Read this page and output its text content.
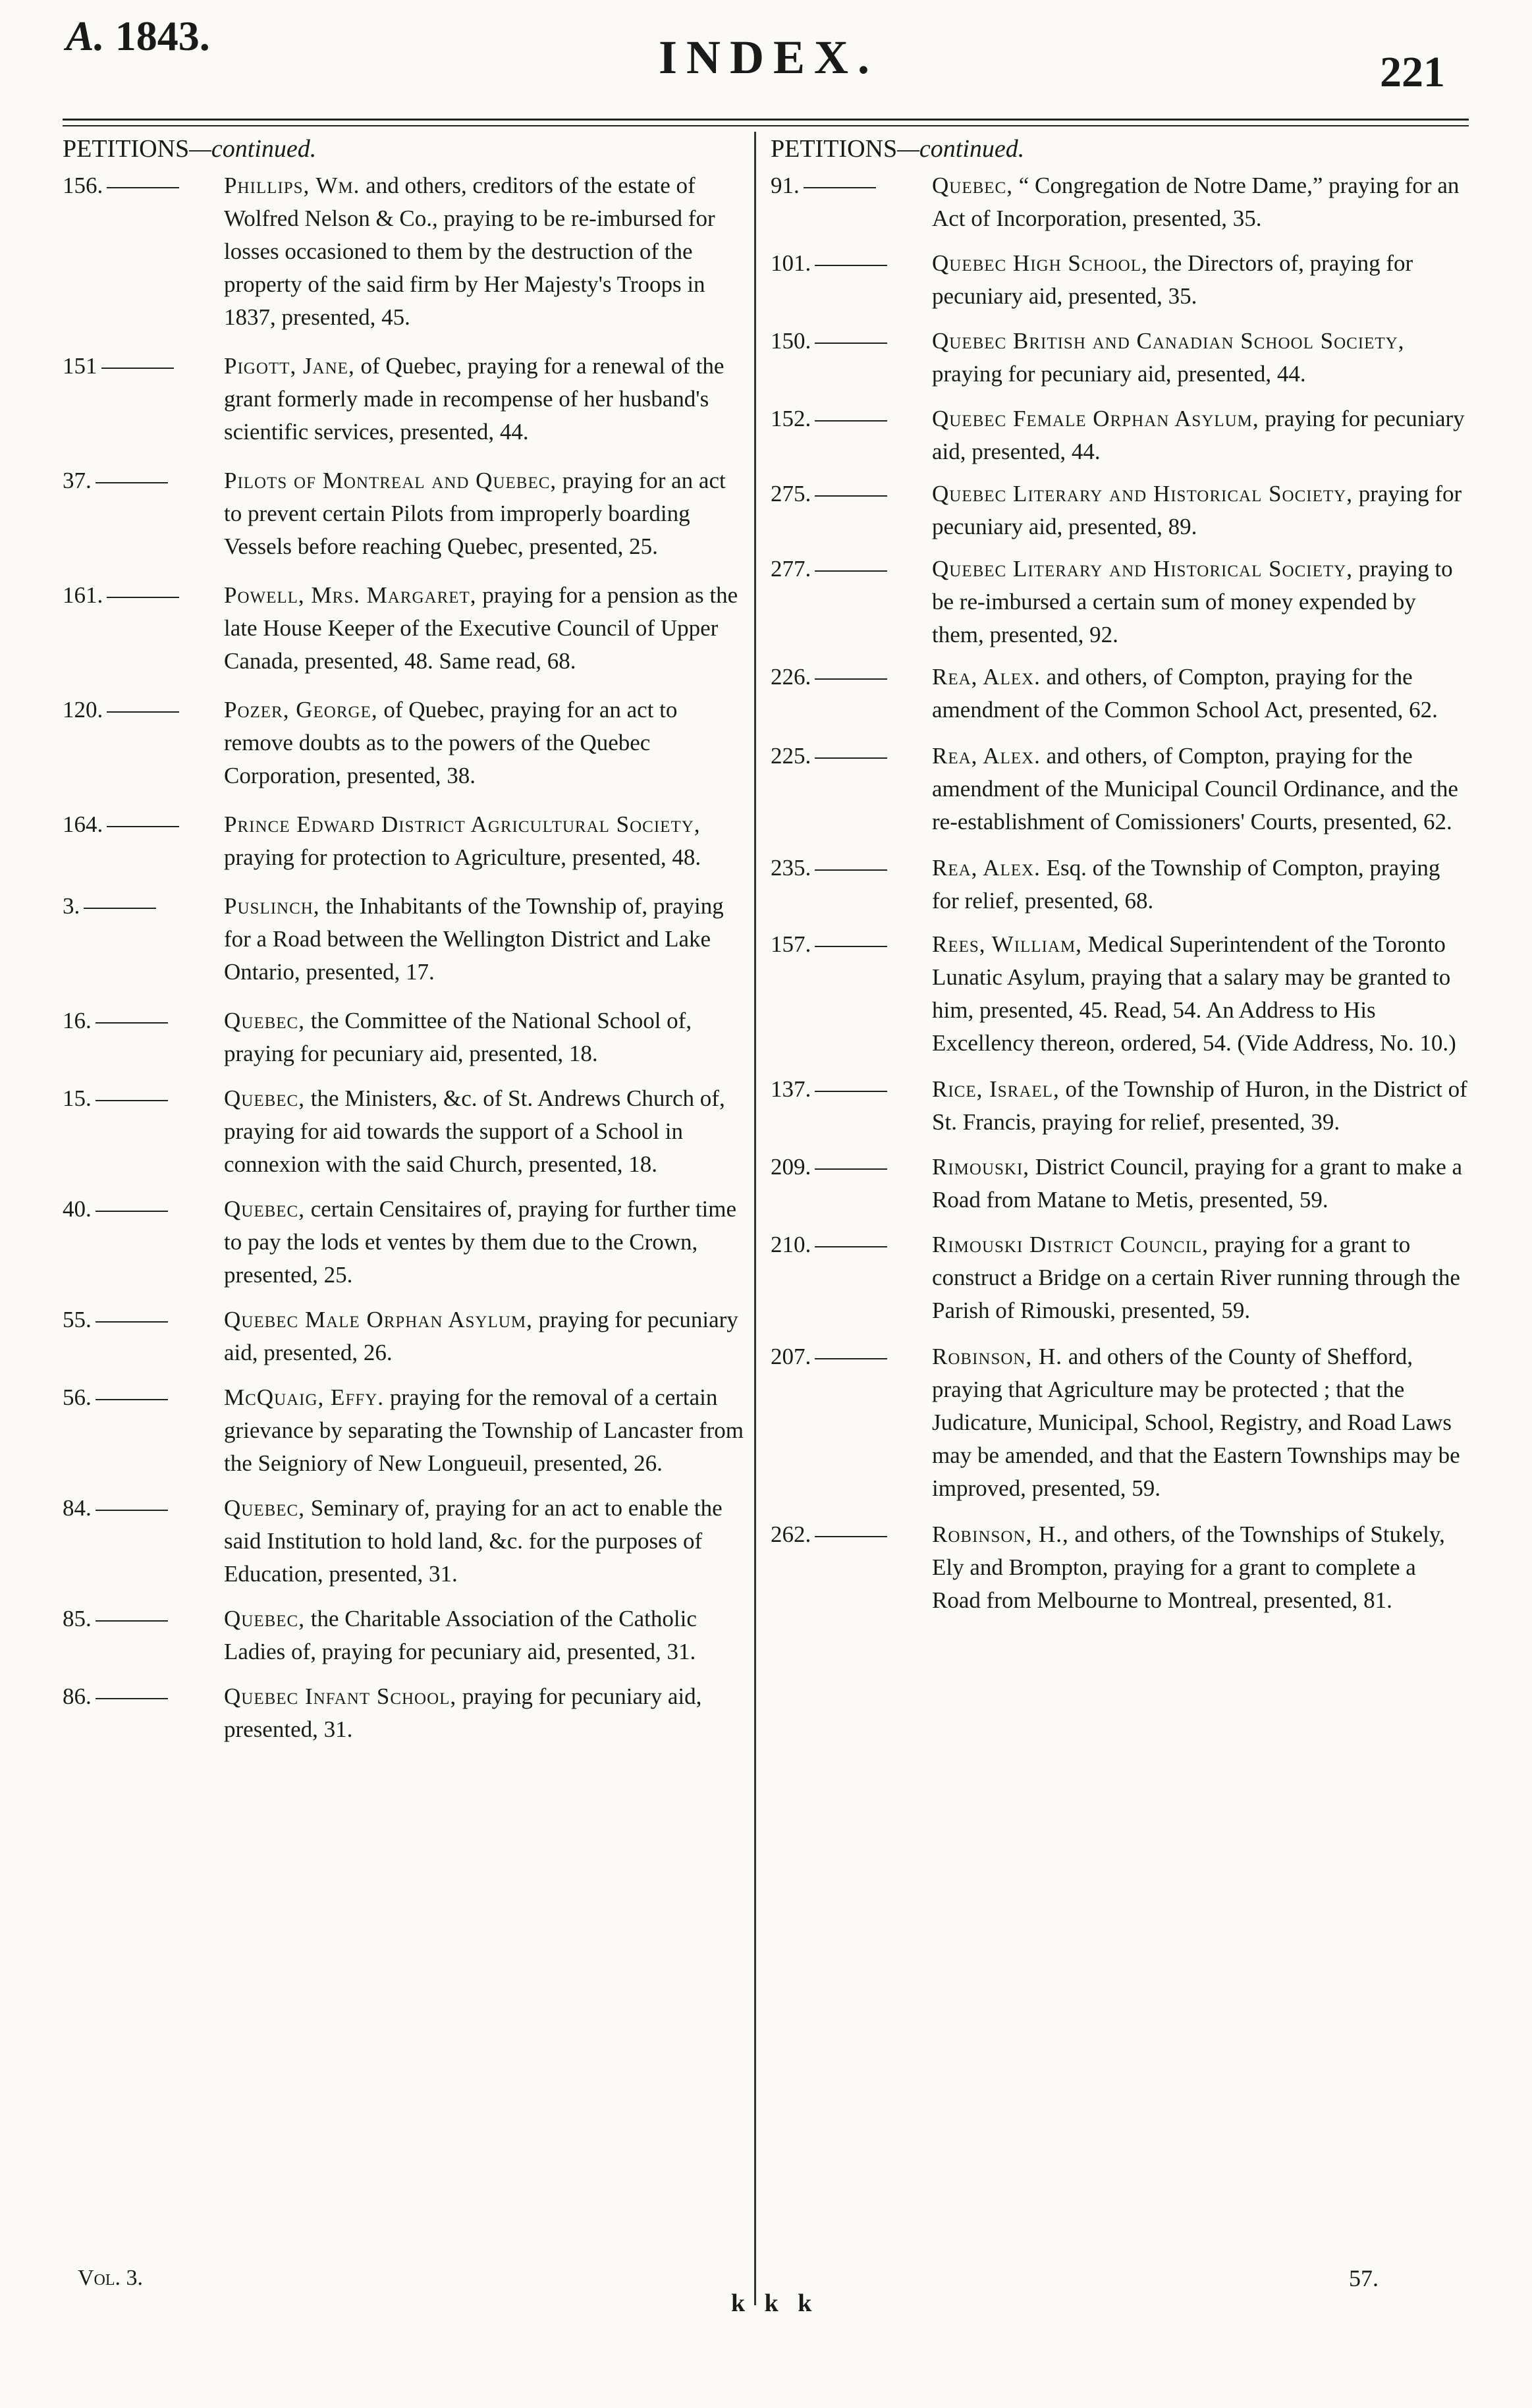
A. 1843.	INDEX.	221
PETITIONS—continued.
156.	Phillips, Wm. and others, creditors of the estate of Wolfred Nelson & Co., praying to be re-imbursed for losses occasioned to them by the destruction of the property of the said firm by Her Majesty's Troops in 1837, presented, 45.
151	Pigott, Jane, of Quebec, praying for a renewal of the grant formerly made in recompense of her husband's scientific services, presented, 44.
37.	Pilots of Montreal and Quebec, praying for an act to prevent certain Pilots from improperly boarding Vessels before reaching Quebec, presented, 25.
161.	Powell, Mrs. Margaret, praying for a pension as the late House Keeper of the Executive Council of Upper Canada, presented, 48. Same read, 68.
120.	Pozer, George, of Quebec, praying for an act to remove doubts as to the powers of the Quebec Corporation, presented, 38.
164.	Prince Edward District Agricultural Society, praying for protection to Agriculture, presented, 48.
3.	Puslinch, the Inhabitants of the Township of, praying for a Road between the Wellington District and Lake Ontario, presented, 17.
16.	Quebec, the Committee of the National School of, praying for pecuniary aid, presented, 18.
15.	Quebec, the Ministers, &c. of St. Andrews Church of, praying for aid towards the support of a School in connexion with the said Church, presented, 18.
40.	Quebec, certain Censitaires of, praying for further time to pay the lods et ventes by them due to the Crown, presented, 25.
55.	Quebec Male Orphan Asylum, praying for pecuniary aid, presented, 26.
56.	McQuaig, Effy. praying for the removal of a certain grievance by separating the Township of Lancaster from the Seigniory of New Longueuil, presented, 26.
84.	Quebec, Seminary of, praying for an act to enable the said Institution to hold land, &c. for the purposes of Education, presented, 31.
85.	Quebec, the Charitable Association of the Catholic Ladies of, praying for pecuniary aid, presented, 31.
86.	Quebec Infant School, praying for pecuniary aid, presented, 31.
PETITIONS—continued.
91.	Quebec, “ Congregation de Notre Dame,” praying for an Act of Incorporation, presented, 35.
101.	Quebec High School, the Directors of, praying for pecuniary aid, presented, 35.
150.	Quebec British and Canadian School Society, praying for pecuniary aid, presented, 44.
152.	Quebec Female Orphan Asylum, praying for pecuniary aid, presented, 44.
275.	Quebec Literary and Historical Society, praying for pecuniary aid, presented, 89.
277.	Quebec Literary and Historical Society, praying to be re-imbursed a certain sum of money expended by them, presented, 92.
226.	Rea, Alex. and others, of Compton, praying for the amendment of the Common School Act, presented, 62.
225.	Rea, Alex. and others, of Compton, praying for the amendment of the Municipal Council Ordinance, and the re-establishment of Comissioners' Courts, presented, 62.
235.	Rea, Alex. Esq. of the Township of Compton, praying for relief, presented, 68.
157.	Rees, William, Medical Superintendent of the Toronto Lunatic Asylum, praying that a salary may be granted to him, presented, 45. Read, 54. An Address to His Excellency thereon, ordered, 54. (Vide Address, No. 10.)
137.	Rice, Israel, of the Township of Huron, in the District of St. Francis, praying for relief, presented, 39.
209.	Rimouski, District Council, praying for a grant to make a Road from Matane to Metis, presented, 59.
210.	Rimouski District Council, praying for a grant to construct a Bridge on a certain River running through the Parish of Rimouski, presented, 59.
207.	Robinson, H. and others of the County of Shefford, praying that Agriculture may be protected ; that the Judicature, Municipal, School, Registry, and Road Laws may be amended, and that the Eastern Townships may be improved, presented, 59.
262.	Robinson, H., and others, of the Townships of Stukely, Ely and Brompton, praying for a grant to complete a Road from Melbourne to Montreal, presented, 81.
Vol. 3.
k k k
57.
